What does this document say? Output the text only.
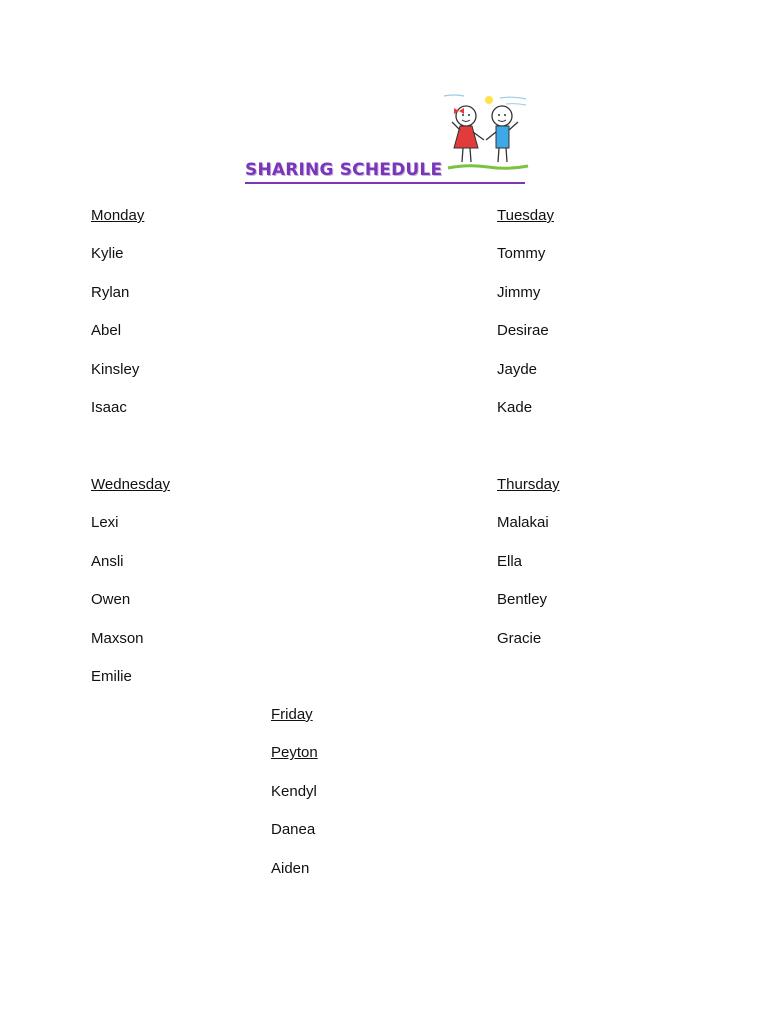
SHARING SCHEDULE
Monday
Kylie
Rylan
Abel
Kinsley
Isaac
Tuesday
Tommy
Jimmy
Desirae
Jayde
Kade
Wednesday
Lexi
Ansli
Owen
Maxson
Emilie
Thursday
Malakai
Ella
Bentley
Gracie
Friday
Peyton
Kendyl
Danea
Aiden
